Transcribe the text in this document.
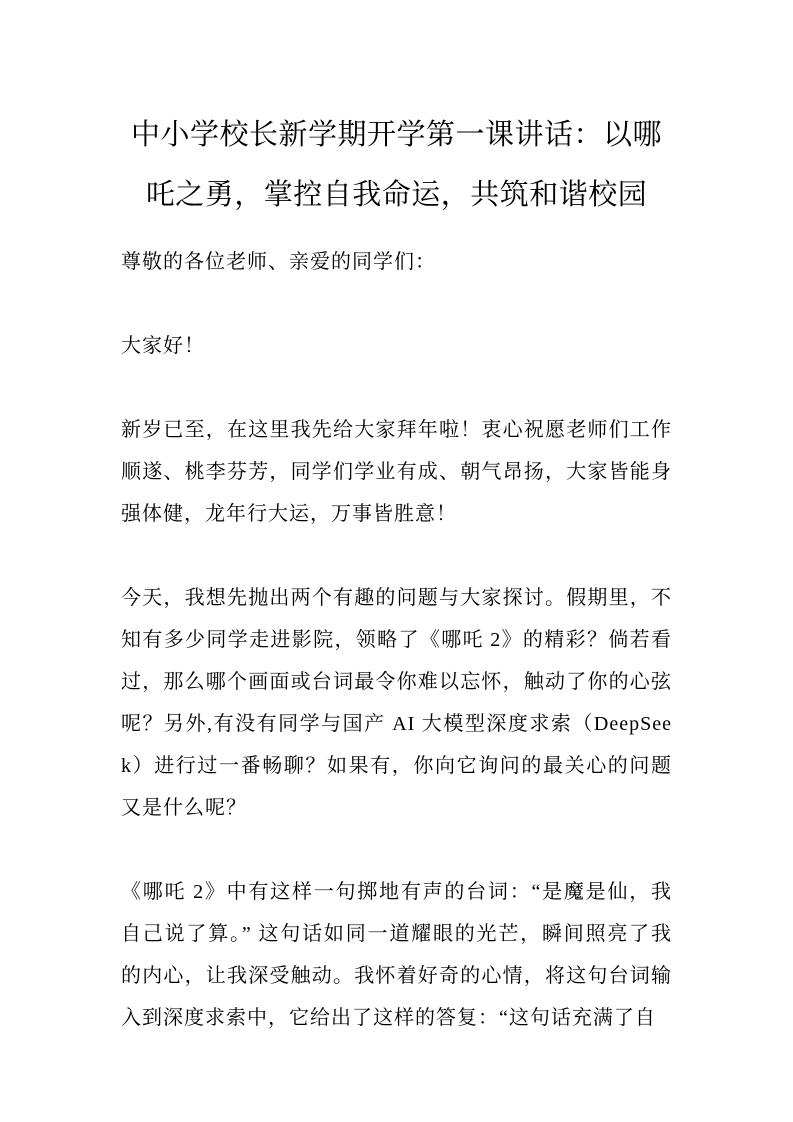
中小学校长新学期开学第一课讲话：以哪吒之勇，掌控自我命运，共筑和谐校园

尊敬的各位老师、亲爱的同学们：

大家好！

新岁已至，在这里我先给大家拜年啦！衷心祝愿老师们工作顺遂、桃李芬芳，同学们学业有成、朝气昂扬，大家皆能身强体健，龙年行大运，万事皆胜意！

今天，我想先抛出两个有趣的问题与大家探讨。假期里，不知有多少同学走进影院，领略了《哪吒 2》的精彩？倘若看过，那么哪个画面或台词最令你难以忘怀，触动了你的心弦呢？另外,有没有同学与国产 AI 大模型深度求索（DeepSeek）进行过一番畅聊？如果有，你向它询问的最关心的问题又是什么呢？

《哪吒 2》中有这样一句掷地有声的台词：“是魔是仙，我自己说了算。” 这句话如同一道耀眼的光芒，瞬间照亮了我的内心，让我深受触动。我怀着好奇的心情，将这句台词输入到深度求索中，它给出了这样的答复：“这句话充满了自
